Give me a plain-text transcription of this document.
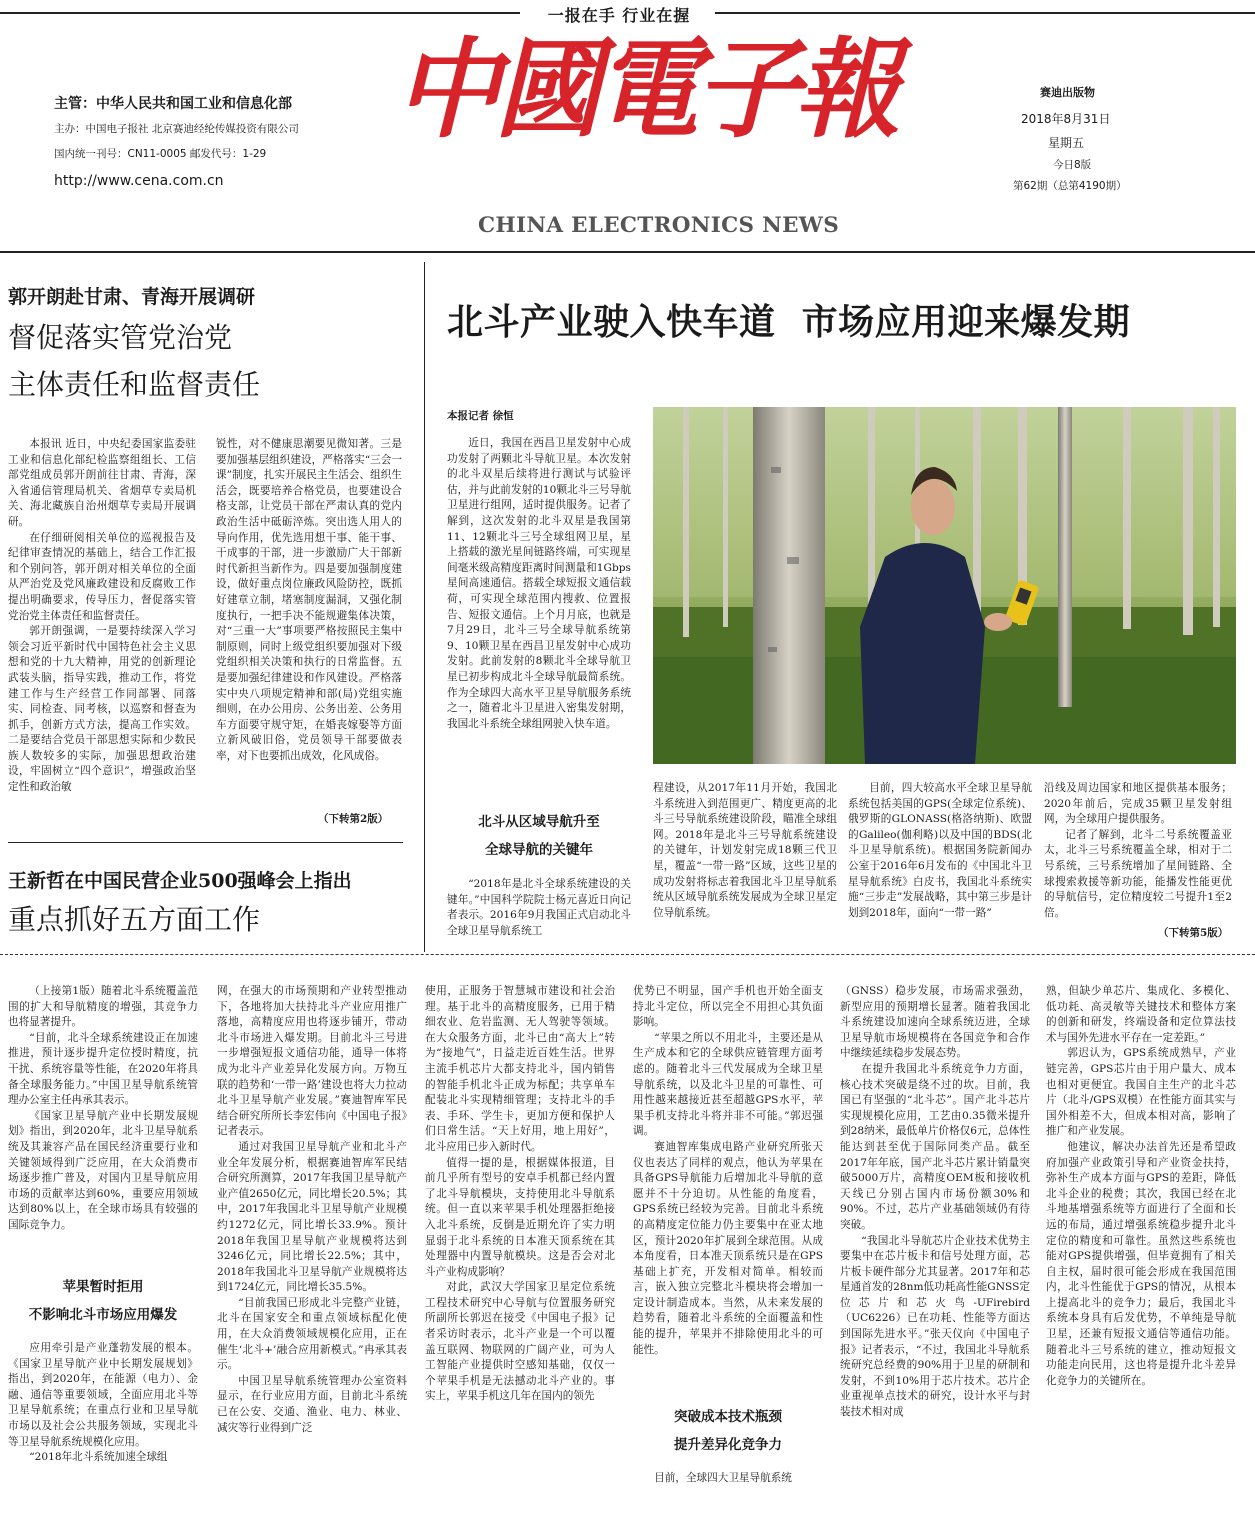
一报在手 行业在握
主管：中华人民共和国工业和信息化部
主办：中国电子报社 北京赛迪经纶传媒投资有限公司
国内统一刊号：CN11-0005 邮发代号：1-29
http://www.cena.com.cn
中國電子報
CHINA ELECTRONICS NEWS
赛迪出版物
2018年8月31日
星期五
今日8版
第62期（总第4190期）
郭开朗赴甘肃、青海开展调研
督促落实管党治党
主体责任和监督责任

本报讯 近日，中央纪委国家监委驻工业和信息化部纪检监察组组长、工信部党组成员郭开朗前往甘肃、青海，深入省通信管理局机关、省烟草专卖局机关、海北藏族自治州烟草专卖局开展调研。

在仔细研阅相关单位的巡视报告及纪律审查情况的基础上，结合工作汇报和个别问答，郭开朗对相关单位的全面从严治党及党风廉政建设和反腐败工作提出明确要求，传导压力，督促落实管党治党主体责任和监督责任。

郭开朗强调，一是要持续深入学习领会习近平新时代中国特色社会主义思想和党的十九大精神，用党的创新理论武装头脑，指导实践，推动工作，将党建工作与生产经营工作同部署、同落实、同检查、同考核，以巡察和督查为抓手，创新方式方法，提高工作实效。二是要结合党员干部思想实际和少数民族人数较多的实际，加强思想政治建设，牢固树立“四个意识”，增强政治坚定性和政治敏

锐性，对不健康思潮要见微知著。三是要加强基层组织建设，严格落实“三会一课”制度，扎实开展民主生活会、组织生活会，既要培养合格党员，也要建设合格支部，让党员干部在严肃认真的党内政治生活中砥砺淬炼。突出选人用人的导向作用，优先选用想干事、能干事、干成事的干部，进一步激励广大干部新时代新担当新作为。四是要加强制度建设，做好重点岗位廉政风险防控，既抓好建章立制，堵塞制度漏洞，又强化制度执行，一把手决不能规避集体决策，对“三重一大”事项要严格按照民主集中制原则，同时上级党组织要加强对下级党组织相关决策和执行的日常监督。五是要加强纪律建设和作风建设。严格落实中央八项规定精神和部(局)党组实施细则，在办公用房、公务出差、公务用车方面要守规守矩，在婚丧嫁娶等方面立新风破旧俗，党员领导干部要做表率，对下也要抓出成效，化风成俗。

（下转第2版）
王新哲在中国民营企业500强峰会上指出
重点抓好五方面工作
北斗产业驶入快车道  市场应用迎来爆发期
本报记者 徐恒

近日，我国在西昌卫星发射中心成功发射了两颗北斗导航卫星。本次发射的北斗双星后续将进行测试与试验评估，并与此前发射的10颗北斗三号导航卫星进行组网，适时提供服务。记者了解到，这次发射的北斗双星是我国第11、12颗北斗三号全球组网卫星，星上搭载的激光星间链路终端，可实现星间毫米级高精度距离时间测量和1Gbps星间高速通信。搭载全球短报文通信载荷，可实现全球范围内搜救、位置报告、短报文通信。上个月月底，也就是7月29日，北斗三号全球导航系统第9、10颗卫星在西昌卫星发射中心成功发射。此前发射的8颗北斗全球导航卫星已初步构成北斗全球导航最简系统。作为全球四大高水平卫星导航服务系统之一，随着北斗卫星进入密集发射期，我国北斗系统全球组网驶入快车道。

北斗从区域导航升至
全球导航的关键年

“2018年是北斗全球系统建设的关键年。”中国科学院院士杨元喜近日向记者表示。2016年9月我国正式启动北斗全球卫星导航系统工

程建设，从2017年11月开始，我国北斗系统进入到范围更广、精度更高的北斗三号导航系统建设阶段，瞄准全球组网。2018年是北斗三号导航系统建设的关键年，计划发射完成18颗三代卫星，覆盖“一带一路”区域，这些卫星的成功发射将标志着我国北斗卫星导航系统从区域导航系统发展成为全球卫星定位导航系统。

目前，四大较高水平全球卫星导航系统包括美国的GPS(全球定位系统)、俄罗斯的GLONASS(格洛纳斯)、欧盟的Galileo(伽利略)以及中国的BDS(北斗卫星导航系统)。根据国务院新闻办公室于2016年6月发布的《中国北斗卫星导航系统》白皮书，我国北斗系统实施“三步走”发展战略，其中第三步是计划到2018年，面向“一带一路”

沿线及周边国家和地区提供基本服务；2020年前后，完成35颗卫星发射组网，为全球用户提供服务。

记者了解到，北斗二号系统覆盖亚太，北斗三号系统覆盖全球，相对于二号系统，三号系统增加了星间链路、全球搜索救援等新功能，能播发性能更优的导航信号，定位精度较二号提升1至2倍。

（下转第5版）

（上接第1版）随着北斗系统覆盖范围的扩大和导航精度的增强，其竞争力也将显著提升。

“目前，北斗全球系统建设正在加速推进，预计逐步提升定位授时精度，抗干扰、系统容量等性能，在2020年将具备全球服务能力。”中国卫星导航系统管理办公室主任冉承其表示。

《国家卫星导航产业中长期发展规划》指出，到2020年，北斗卫星导航系统及其兼容产品在国民经济重要行业和关键领域得到广泛应用，在大众消费市场逐步推广普及，对国内卫星导航应用市场的贡献率达到60%，重要应用领域达到80%以上，在全球市场具有较强的国际竞争力。

苹果暂时拒用
不影响北斗市场应用爆发

应用牵引是产业蓬勃发展的根本。《国家卫星导航产业中长期发展规划》指出，到2020年，在能源（电力）、金融、通信等重要领域，全面应用北斗等卫星导航系统；在重点行业和卫星导航市场以及社会公共服务领域，实现北斗等卫星导航系统规模化应用。

“2018年北斗系统加速全球组

网，在强大的市场预期和产业转型推动下，各地将加大扶持北斗产业应用推广落地，高精度应用也将逐步铺开，带动北斗市场进入爆发期。目前北斗三号进一步增强短报文通信功能，通导一体将成为北斗产业差异化发展方向。万物互联的趋势和‘一带一路’建设也将大力拉动北斗卫星导航产业发展。”赛迪智库军民结合研究所所长李宏伟向《中国电子报》记者表示。

通过对我国卫星导航产业和北斗产业全年发展分析，根据赛迪智库军民结合研究所测算，2017年我国卫星导航产业产值2650亿元，同比增长20.5%；其中，2017年我国北斗卫星导航产业规模约1272亿元，同比增长33.9%。预计2018年我国卫星导航产业规模将达到3246亿元，同比增长22.5%；其中，2018年我国北斗卫星导航产业规模将达到1724亿元，同比增长35.5%。

“目前我国已形成北斗完整产业链，北斗在国家安全和重点领域标配化使用，在大众消费领域规模化应用，正在催生‘北斗+’融合应用新模式。”冉承其表示。

中国卫星导航系统管理办公室资料显示，在行业应用方面，目前北斗系统已在公安、交通、渔业、电力、林业、减灾等行业得到广泛

使用，正服务于智慧城市建设和社会治理。基于北斗的高精度服务，已用于精细农业、危岩监测、无人驾驶等领域。在大众服务方面，北斗已由“高大上”转为“接地气”，日益走近百姓生活。世界主流手机芯片大都支持北斗，国内销售的智能手机北斗正成为标配；共享单车配装北斗实现精细管理；支持北斗的手表、手环、学生卡，更加方便和保护人们日常生活。“天上好用，地上用好”，北斗应用已步入新时代。

值得一提的是，根据媒体报道，目前几乎所有型号的安卓手机都已经内置了北斗导航模块，支持使用北斗导航系统。但一直以来苹果手机处理器拒绝接入北斗系统，反倒是近期允许了实力明显弱于北斗系统的日本准天顶系统在其处理器中内置导航模块。这是否会对北斗产业构成影响？

对此，武汉大学国家卫星定位系统工程技术研究中心导航与位置服务研究所副所长郭迟在接受《中国电子报》记者采访时表示，北斗产业是一个可以覆盖互联网、物联网的广阔产业，可为人工智能产业提供时空感知基础，仅仅一个苹果手机是无法撼动北斗产业的。事实上，苹果手机这几年在国内的领先

优势已不明显，国产手机也开始全面支持北斗定位，所以完全不用担心其负面影响。

“苹果之所以不用北斗，主要还是从生产成本和它的全球供应链管理方面考虑的。随着北斗三代发展成为全球卫星导航系统，以及北斗卫星的可靠性、可用性越来越接近甚至超越GPS水平，苹果手机支持北斗将并非不可能。”郭迟强调。

赛迪智库集成电路产业研究所张天仪也表达了同样的观点，他认为苹果在具备GPS导航能力后增加北斗导航的意愿并不十分迫切。从性能的角度看，GPS系统已经较为完善。目前北斗系统的高精度定位能力仍主要集中在亚太地区，预计2020年扩展到全球范围。从成本角度看，日本准天顶系统只是在GPS基础上扩充，开发相对简单。相较而言，嵌入独立完整北斗模块将会增加一定设计制造成本。当然，从未来发展的趋势看，随着北斗系统的全面覆盖和性能的提升，苹果并不排除使用北斗的可能性。

突破成本技术瓶颈
提升差异化竞争力

目前，全球四大卫星导航系统

（GNSS）稳步发展，市场需求强劲，新型应用的预期增长显著。随着我国北斗系统建设加速向全球系统迈进，全球卫星导航市场规模将在各国竞争和合作中继续延续稳步发展态势。

在提升我国北斗系统竞争力方面，核心技术突破是绕不过的坎。目前，我国已有坚强的“北斗芯”。国产北斗芯片实现规模化应用，工艺由0.35微米提升到28纳米，最低单片价格仅6元，总体性能达到甚至优于国际同类产品。截至2017年年底，国产北斗芯片累计销量突破5000万片，高精度OEM板和接收机天线已分别占国内市场份额30%和90%。不过，芯片产业基础领域仍有待突破。

“我国北斗导航芯片企业技术优势主要集中在芯片板卡和信号处理方面，芯片板卡硬件部分尤其显著。2017年和芯星通首发的28nm低功耗高性能GNSS定位芯片和芯火鸟-UFirebird（UC6226）已在功耗、性能等方面达到国际先进水平。”张天仪向《中国电子报》记者表示，“不过，我国北斗导航系统研究总经费的90%用于卫星的研制和发射，不到10%用于芯片技术。芯片企业重视单点技术的研究，设计水平与封装技术相对成

熟，但缺少单芯片、集成化、多模化、低功耗、高灵敏等关键技术和整体方案的创新和研发，终端设备和定位算法技术与国外先进水平存在一定差距。”

郭迟认为，GPS系统成熟早，产业链完善，GPS芯片由于用户量大、成本也相对更便宜。我国自主生产的北斗芯片（北斗/GPS双模）在性能方面其实与国外相差不大，但成本相对高，影响了推广和产业发展。

他建议，解决办法首先还是希望政府加强产业政策引导和产业资金扶持，弥补生产成本方面与GPS的差距，降低北斗企业的税费；其次，我国已经在北斗地基增强系统等方面进行了全面和长远的布局，通过增强系统稳步提升北斗定位的精度和可靠性。虽然这些系统也能对GPS提供增强，但毕竟拥有了相关自主权，届时很可能会形成在我国范围内，北斗性能优于GPS的情况，从根本上提高北斗的竞争力；最后，我国北斗系统本身具有后发优势，不单纯是导航卫星，还兼有短报文通信等通信功能。随着北斗三号系统的建立，推动短报文功能走向民用，这也将是提升北斗差异化竞争力的关键所在。
